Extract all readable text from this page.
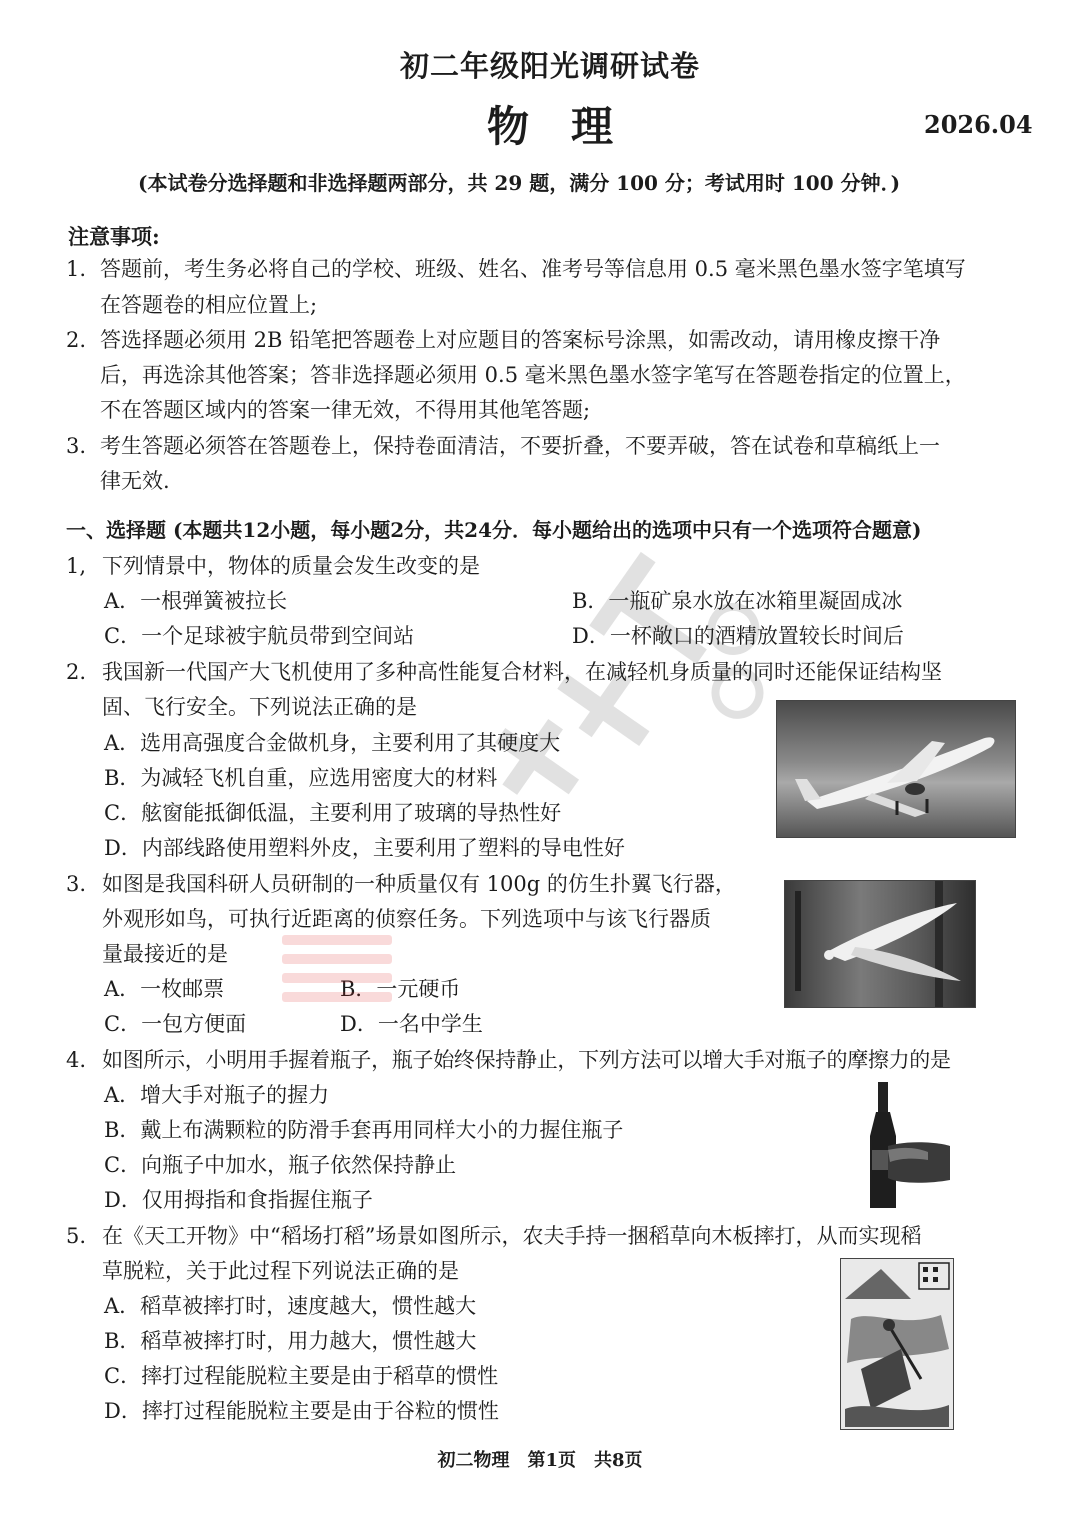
初二年级阳光调研试卷
物　理	2026.04
(本试卷分选择题和非选择题两部分，共 29 题，满分 100 分；考试用时 100 分钟．)
注意事项:
1. 答题前，考生务必将自己的学校、班级、姓名、准考号等信息用 0.5 毫米黑色墨水签字笔填写
在答题卷的相应位置上;
2. 答选择题必须用 2B 铅笔把答题卷上对应题目的答案标号涂黑，如需改动，请用橡皮擦干净
后，再选涂其他答案；答非选择题必须用 0.5 毫米黑色墨水签字笔写在答题卷指定的位置上，
不在答题区域内的答案一律无效，不得用其他笔答题;
3. 考生答题必须答在答题卷上，保持卷面清洁，不要折叠，不要弄破，答在试卷和草稿纸上一
律无效.
一、选择题 (本题共12小题，每小题2分，共24分．每小题给出的选项中只有一个选项符合题意)
1, 下列情景中，物体的质量会发生改变的是
A．一根弹簧被拉长	B．一瓶矿泉水放在冰箱里凝固成冰
C．一个足球被宇航员带到空间站	D．一杯敞口的酒精放置较长时间后
2. 我国新一代国产大飞机使用了多种高性能复合材料，在减轻机身质量的同时还能保证结构坚
固、飞行安全。下列说法正确的是
A．选用高强度合金做机身，主要利用了其硬度大
B．为减轻飞机自重，应选用密度大的材料
C．舷窗能抵御低温，主要利用了玻璃的导热性好
D．内部线路使用塑料外皮，主要利用了塑料的导电性好
3. 如图是我国科研人员研制的一种质量仅有 100g 的仿生扑翼飞行器，
外观形如鸟，可执行近距离的侦察任务。下列选项中与该飞行器质
量最接近的是
A．一枚邮票	B．一元硬币
C．一包方便面	D．一名中学生
4. 如图所示，小明用手握着瓶子，瓶子始终保持静止，下列方法可以增大手对瓶子的摩擦力的是
A．增大手对瓶子的握力
B．戴上布满颗粒的防滑手套再用同样大小的力握住瓶子
C．向瓶子中加水，瓶子依然保持静止
D．仅用拇指和食指握住瓶子
5. 在《天工开物》中“稻场打稻”场景如图所示，农夫手持一捆稻草向木板摔打，从而实现稻
草脱粒，关于此过程下列说法正确的是
A．稻草被摔打时，速度越大，惯性越大
B．稻草被摔打时，用力越大，惯性越大
C．摔打过程能脱粒主要是由于稻草的惯性
D．摔打过程能脱粒主要是由于谷粒的惯性
初二物理　第1页　共8页
